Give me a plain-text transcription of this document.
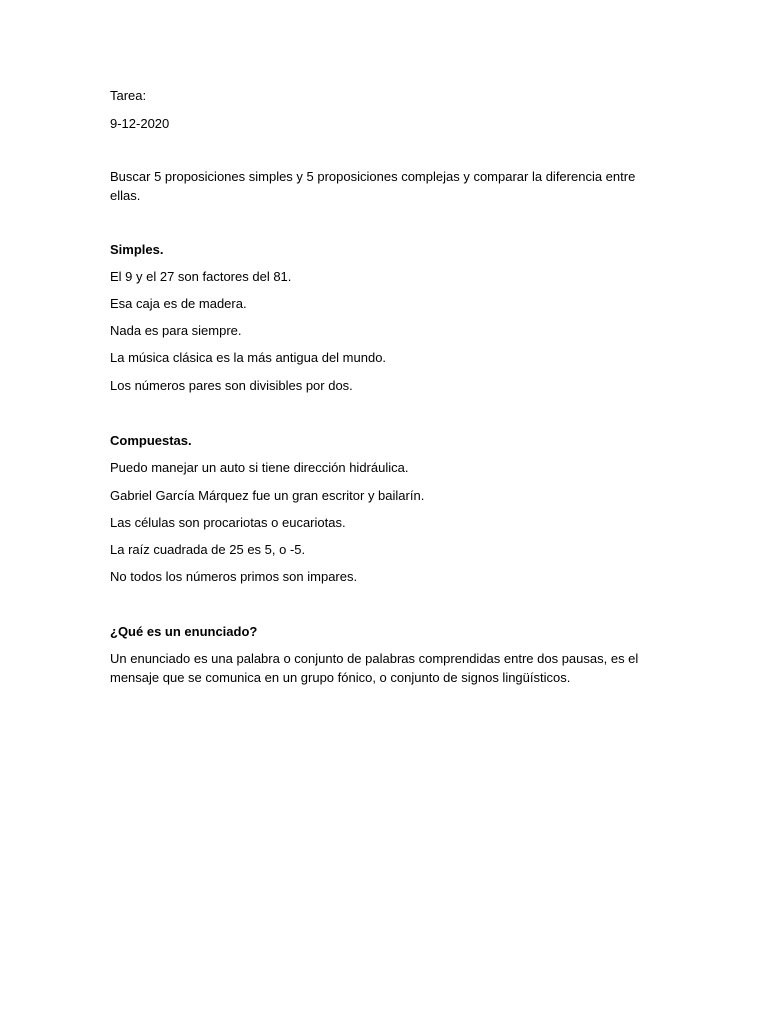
Tarea:
9-12-2020
Buscar 5 proposiciones simples y 5 proposiciones complejas y comparar la diferencia entre ellas.
Simples.
El 9 y el 27 son factores del 81.
Esa caja es de madera.
Nada es para siempre.
La música clásica es la más antigua del mundo.
Los números pares son divisibles por dos.
Compuestas.
Puedo manejar un auto si tiene dirección hidráulica.
Gabriel García Márquez fue un gran escritor y bailarín.
Las células son procariotas o eucariotas.
La raíz cuadrada de 25 es 5, o -5.
No todos los números primos son impares.
¿Qué es un enunciado?
Un enunciado es una palabra o conjunto de palabras comprendidas entre dos pausas, es el mensaje que se comunica en un grupo fónico, o conjunto de signos lingüísticos.
